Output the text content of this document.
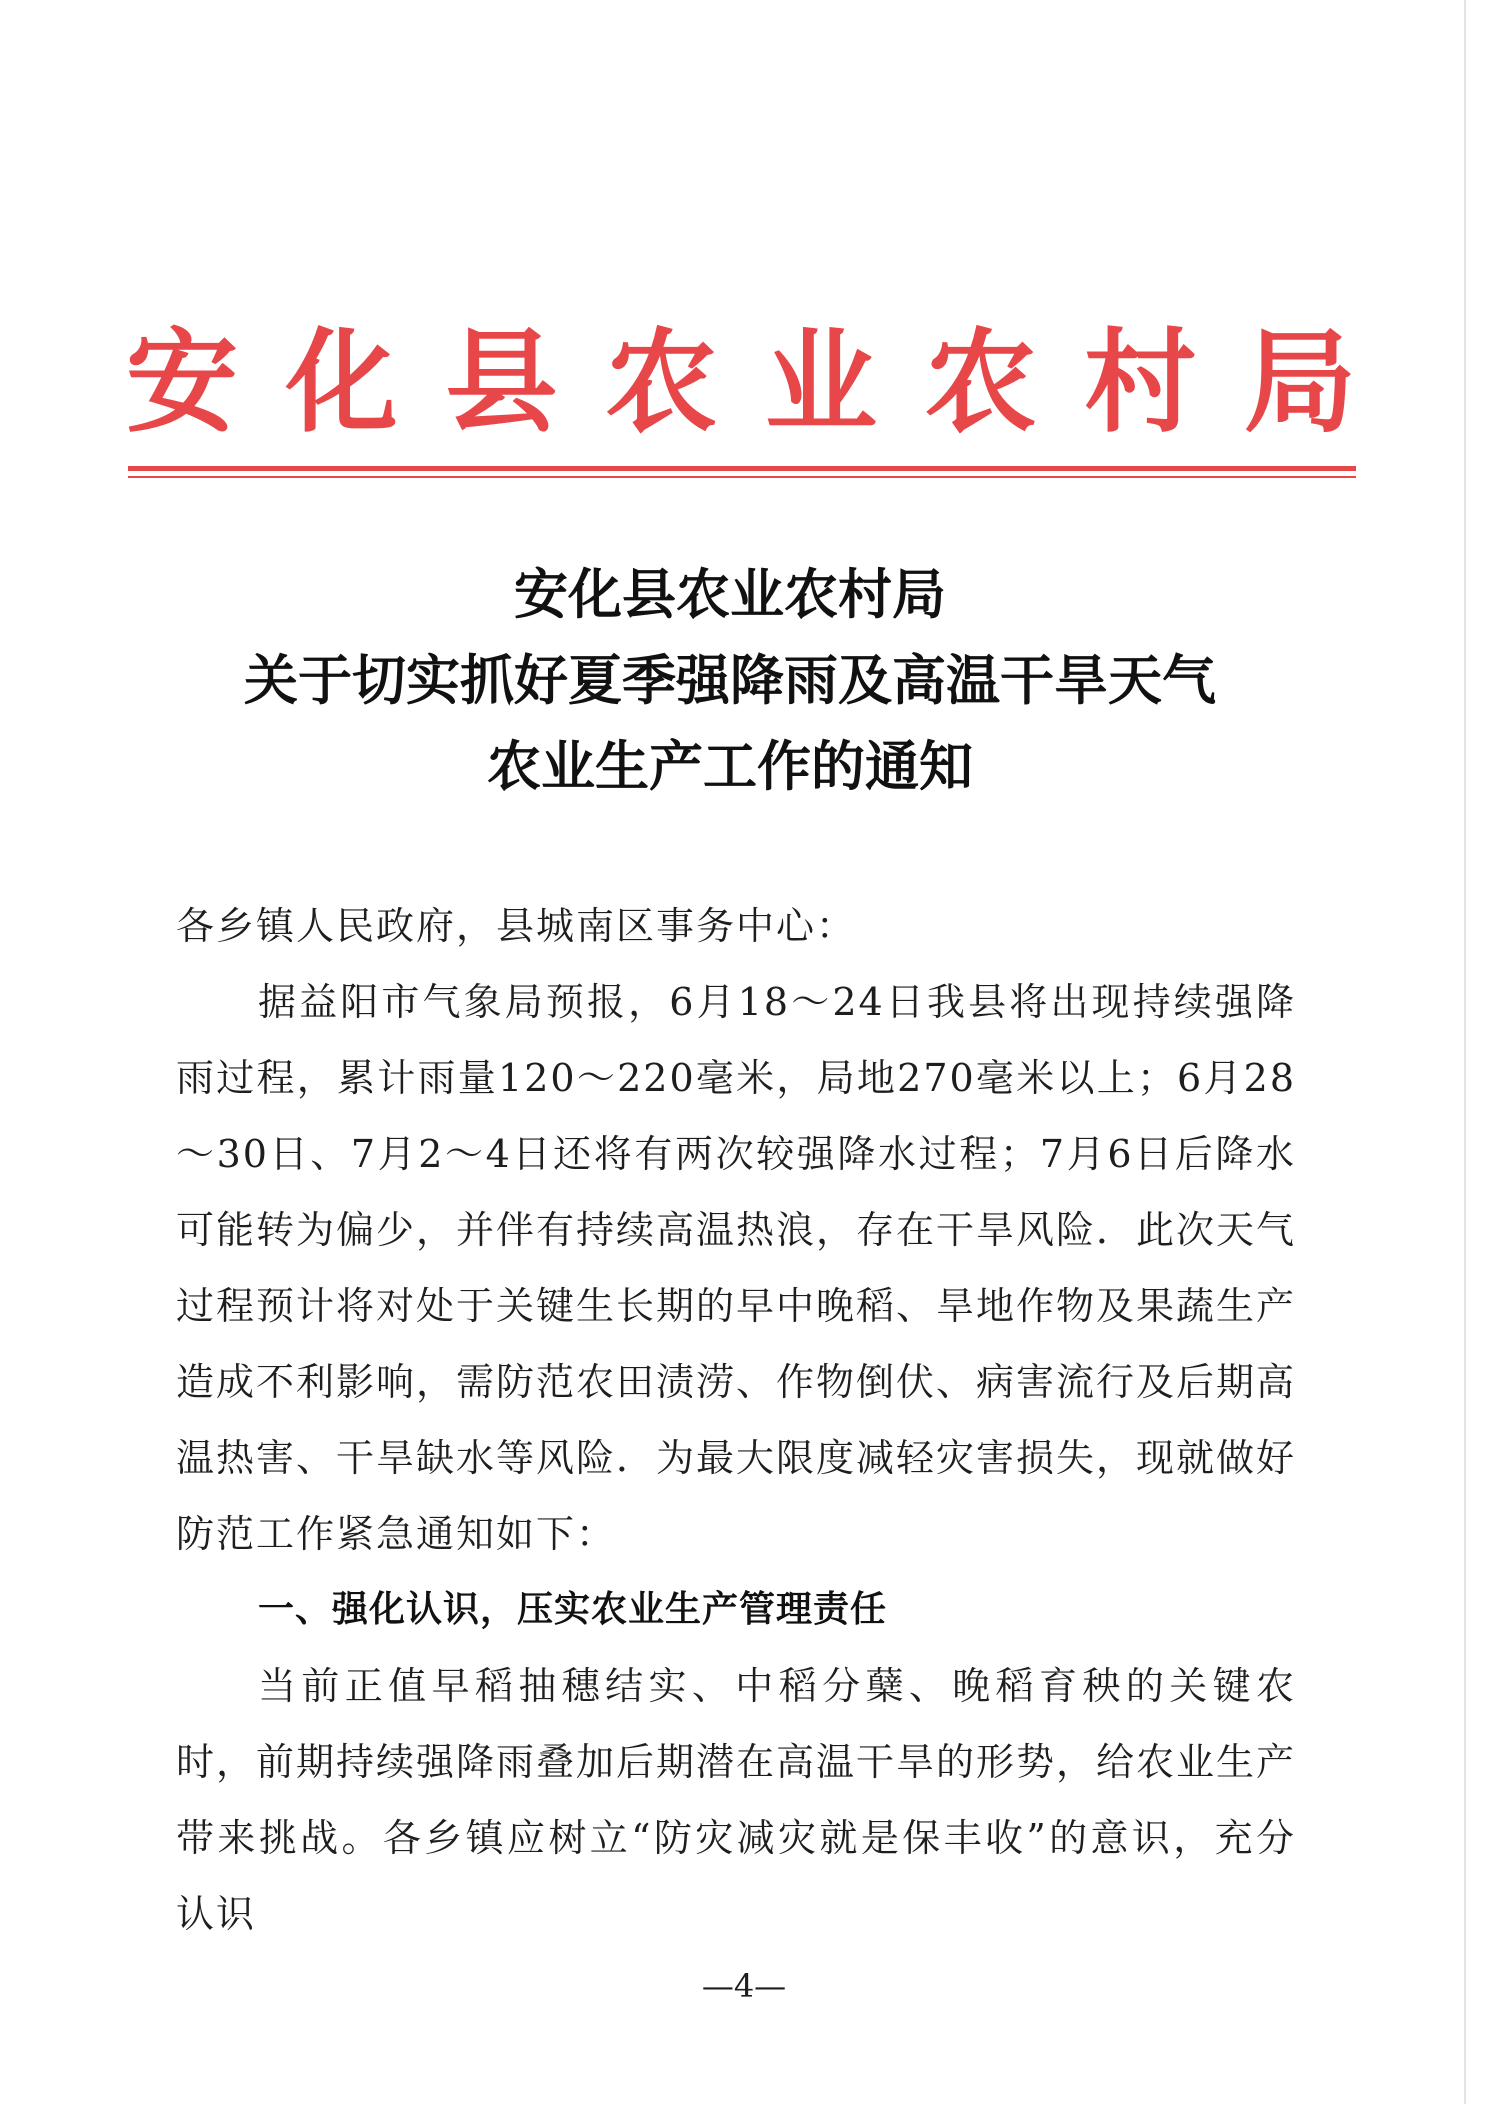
安 化 县 农 业 农 村 局
安化县农业农村局
关于切实抓好夏季强降雨及高温干旱天气
农业生产工作的通知

各乡镇人民政府，县城南区事务中心：

据益阳市气象局预报，6月18～24日我县将出现持续强降雨过程，累计雨量120～220毫米，局地270毫米以上；6月28～30日、7月2～4日还将有两次较强降水过程；7月6日后降水可能转为偏少，并伴有持续高温热浪，存在干旱风险．此次天气过程预计将对处于关键生长期的早中晚稻、旱地作物及果蔬生产造成不利影响，需防范农田渍涝、作物倒伏、病害流行及后期高温热害、干旱缺水等风险．为最大限度减轻灾害损失，现就做好防范工作紧急通知如下：

一、强化认识，压实农业生产管理责任

当前正值早稻抽穗结实、中稻分蘖、晚稻育秧的关键农时，前期持续强降雨叠加后期潜在高温干旱的形势，给农业生产带来挑战。各乡镇应树立“防灾减灾就是保丰收”的意识，充分认识

—4—
